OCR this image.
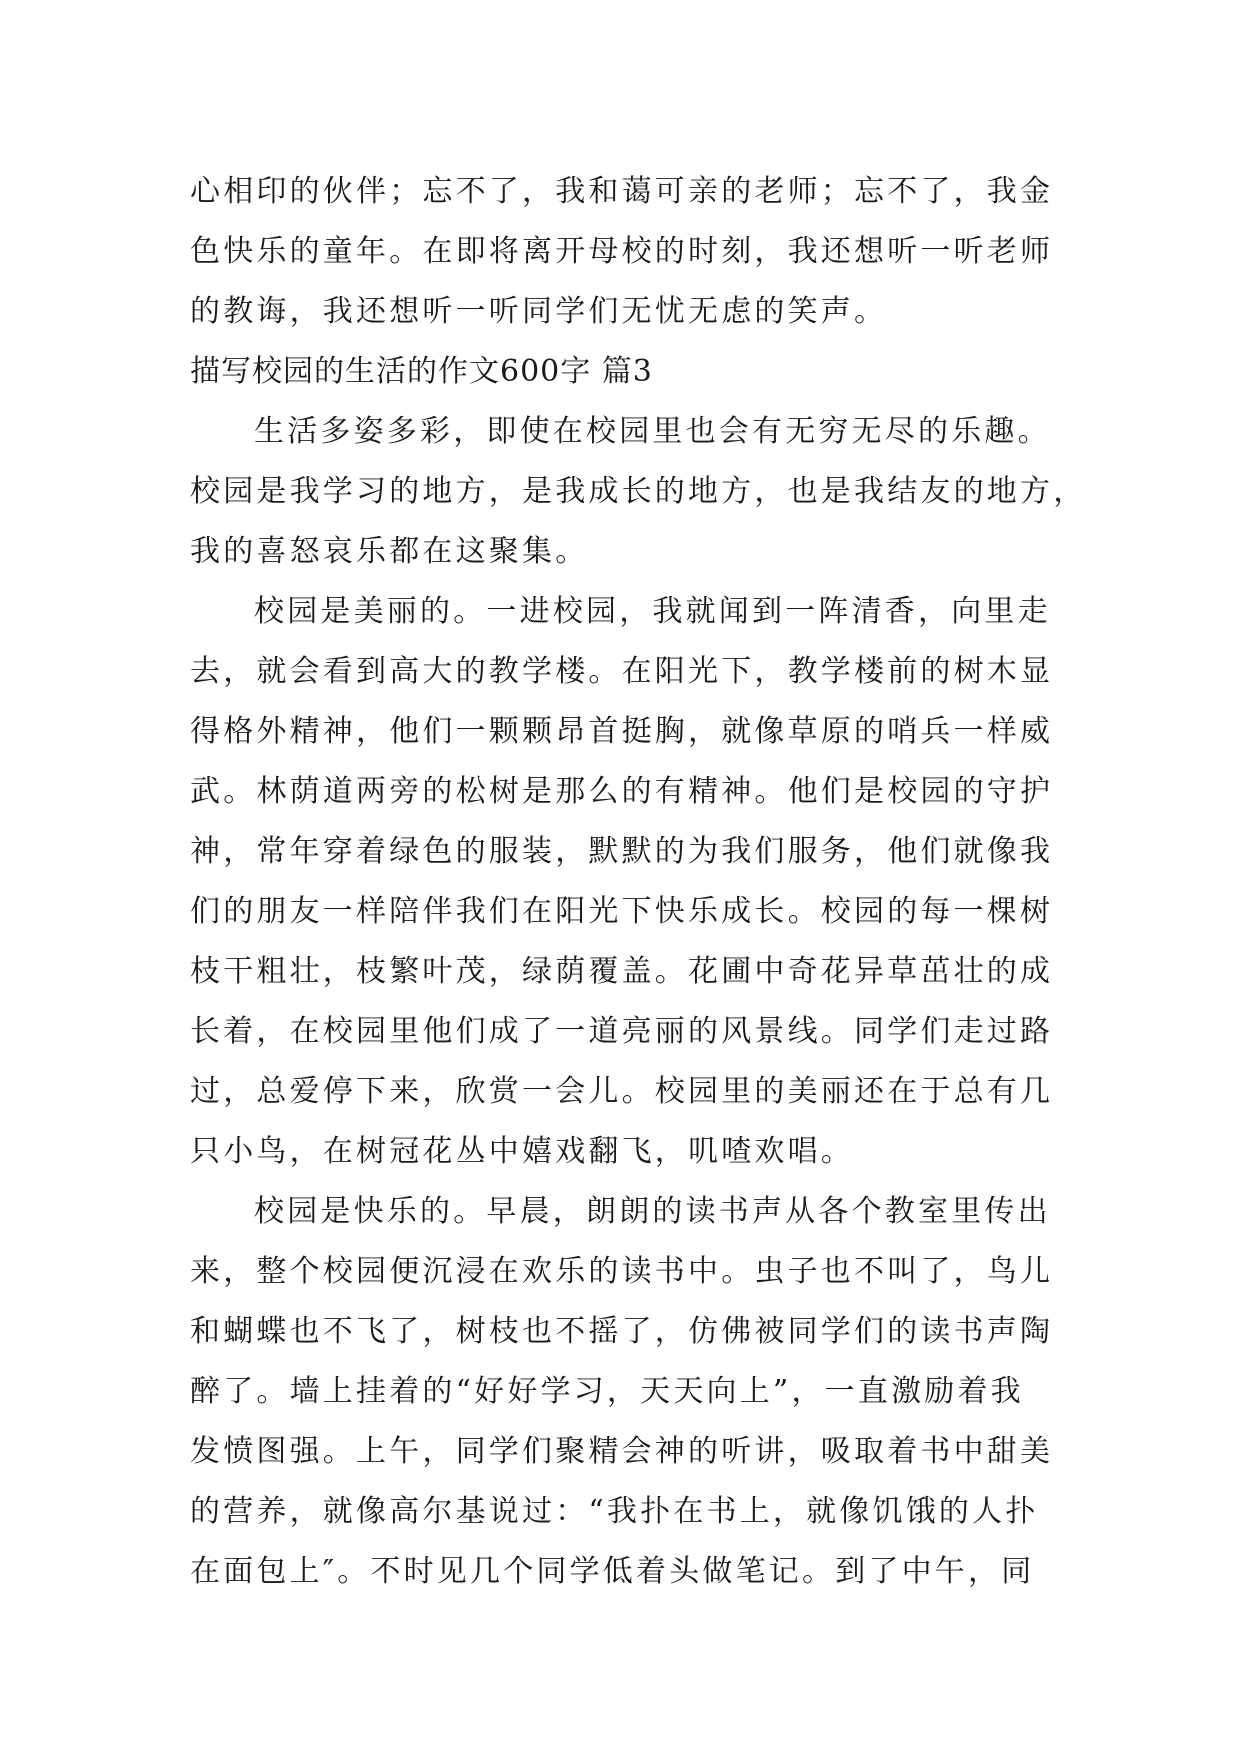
心相印的伙伴；忘不了，我和蔼可亲的老师；忘不了，我金
色快乐的童年。在即将离开母校的时刻，我还想听一听老师
的教诲，我还想听一听同学们无忧无虑的笑声。
描写校园的生活的作文600字 篇3
生活多姿多彩，即使在校园里也会有无穷无尽的乐趣。
校园是我学习的地方，是我成长的地方，也是我结友的地方，
我的喜怒哀乐都在这聚集。
校园是美丽的。一进校园，我就闻到一阵清香，向里走
去，就会看到高大的教学楼。在阳光下，教学楼前的树木显
得格外精神，他们一颗颗昂首挺胸，就像草原的哨兵一样威
武。林荫道两旁的松树是那么的有精神。他们是校园的守护
神，常年穿着绿色的服装，默默的为我们服务，他们就像我
们的朋友一样陪伴我们在阳光下快乐成长。校园的每一棵树
枝干粗壮，枝繁叶茂，绿荫覆盖。花圃中奇花异草茁壮的成
长着，在校园里他们成了一道亮丽的风景线。同学们走过路
过，总爱停下来，欣赏一会儿。校园里的美丽还在于总有几
只小鸟，在树冠花丛中嬉戏翻飞，叽喳欢唱。
校园是快乐的。早晨，朗朗的读书声从各个教室里传出
来，整个校园便沉浸在欢乐的读书中。虫子也不叫了，鸟儿
和蝴蝶也不飞了，树枝也不摇了，仿佛被同学们的读书声陶
醉了。墙上挂着的“好好学习，天天向上”，一直激励着我
发愤图强。上午，同学们聚精会神的听讲，吸取着书中甜美
的营养，就像高尔基说过：“我扑在书上，就像饥饿的人扑
在面包上″。不时见几个同学低着头做笔记。到了中午，同
